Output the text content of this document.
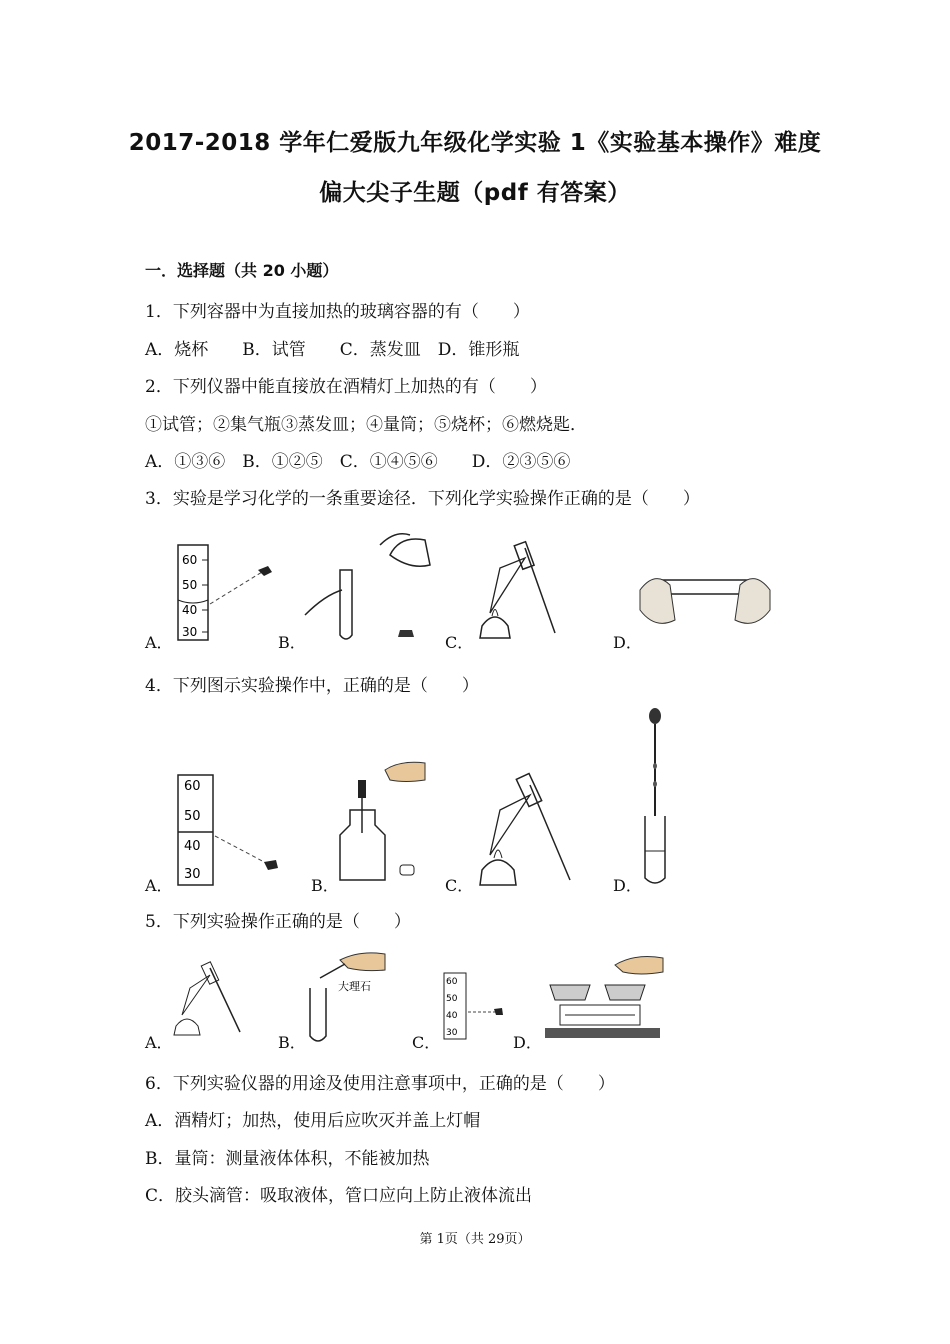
2017-2018 学年仁爱版九年级化学实验 1《实验基本操作》难度
偏大尖子生题（pdf 有答案）
一．选择题（共 20 小题）
1．下列容器中为直接加热的玻璃容器的有（　　）
A．烧杯　　B．试管　　C．蒸发皿　D．锥形瓶
2．下列仪器中能直接放在酒精灯上加热的有（　　）
①试管；②集气瓶③蒸发皿；④量筒；⑤烧杯；⑥燃烧匙．
A．①③⑥　B．①②⑤　C．①④⑤⑥　　D．②③⑤⑥
3．实验是学习化学的一条重要途径．下列化学实验操作正确的是（　　）
A．	B．	C．	D．
60
50
40
30
4．下列图示实验操作中，正确的是（　　）
A．	B．	C．	D．
60
50
40
30
5．下列实验操作正确的是（　　）
A．	B．	C．	D．
大理石	60
50
40
30
6．下列实验仪器的用途及使用注意事项中，正确的是（　　）
A．酒精灯；加热，使用后应吹灭并盖上灯帽
B．量筒：测量液体体积，不能被加热
C．胶头滴管：吸取液体，管口应向上防止液体流出
第 1页（共 29页）
